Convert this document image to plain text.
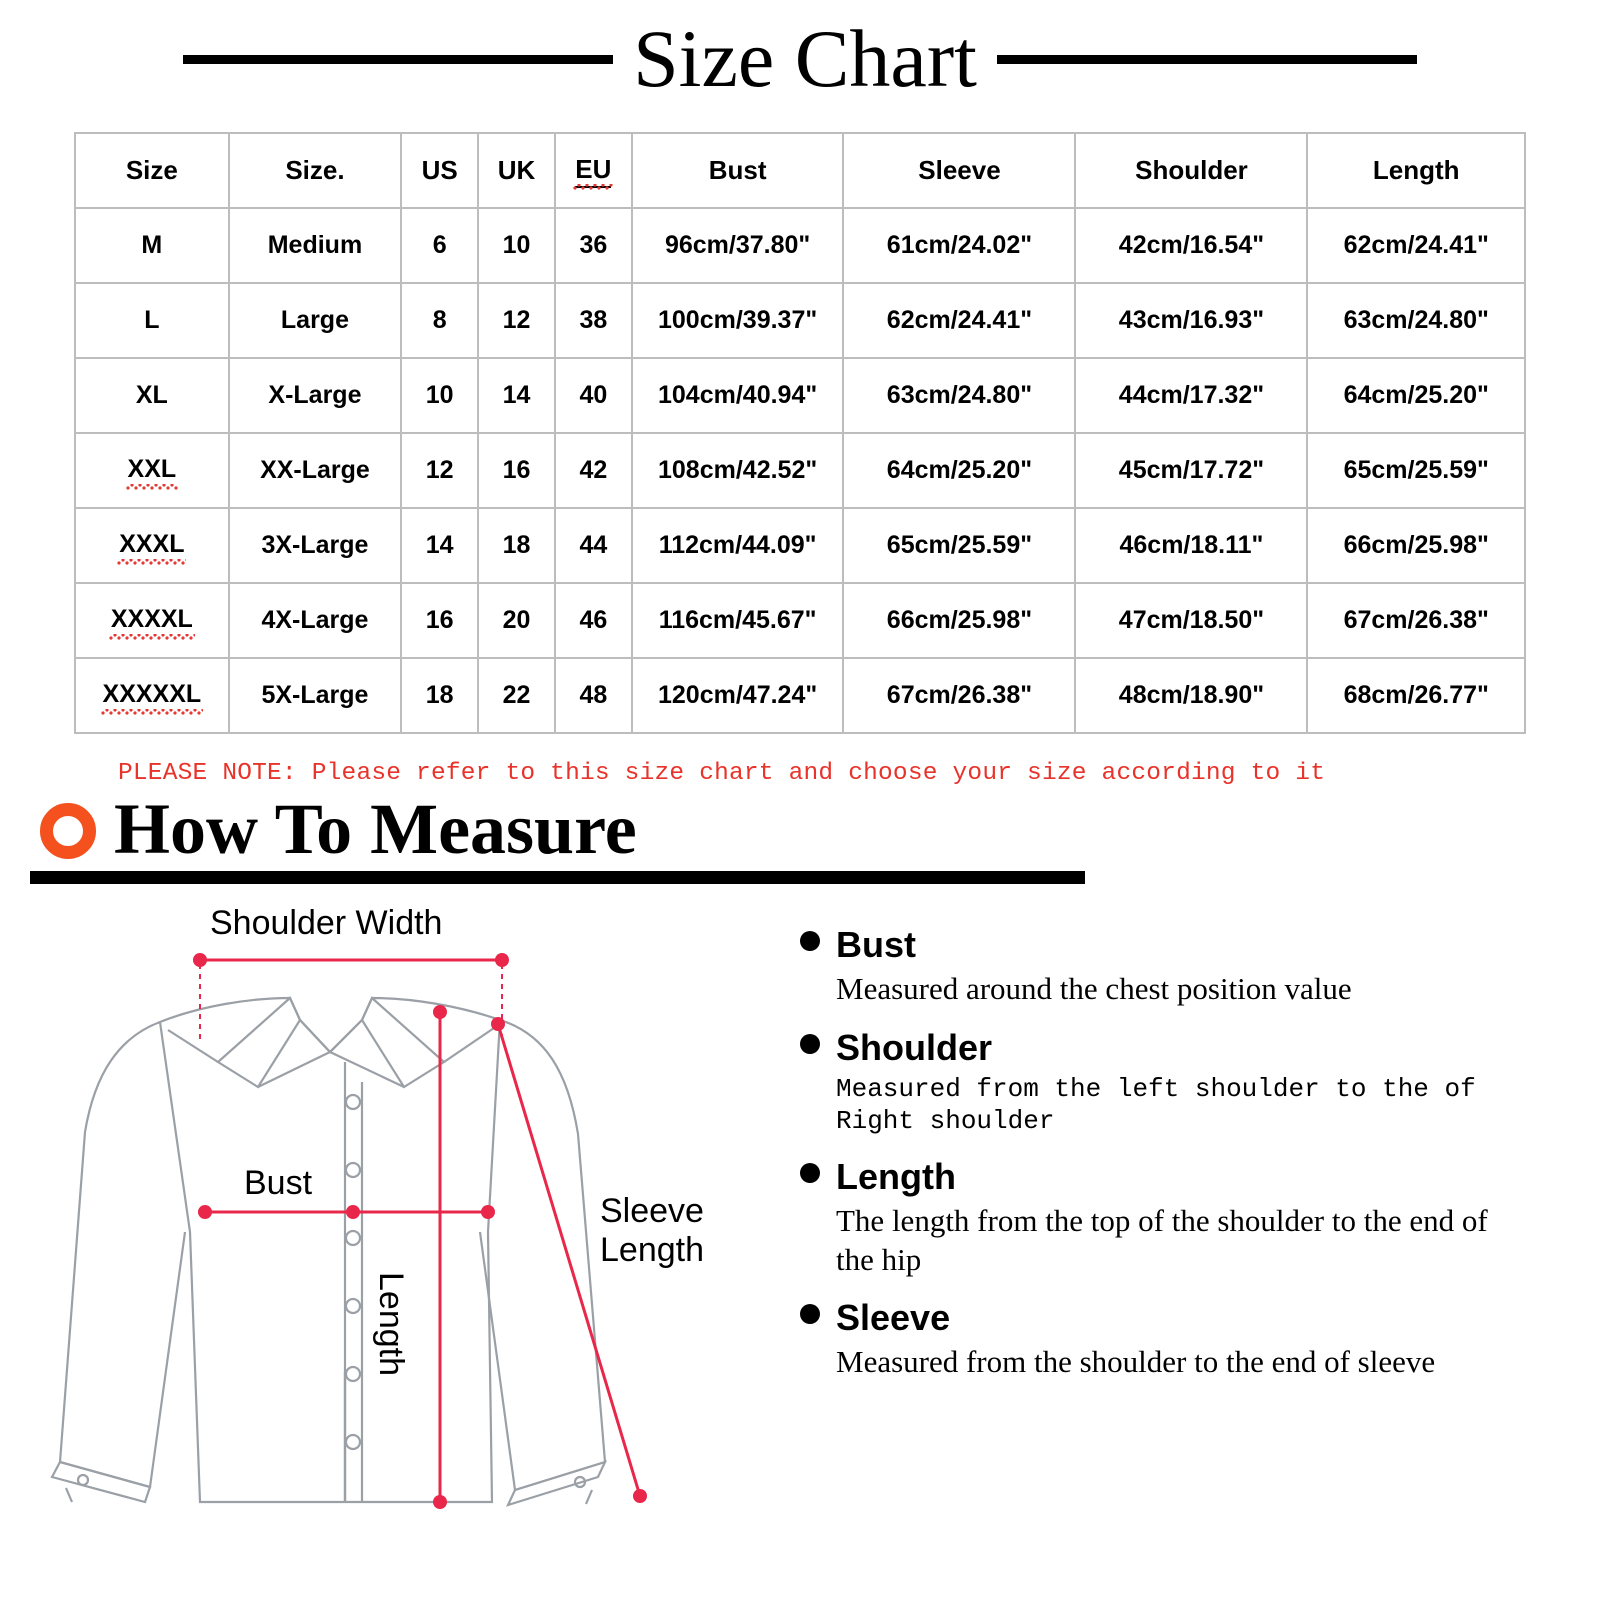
Size Chart
Size	Size.	US	UK	EU	Bust	Sleeve	Shoulder	Length
M	Medium	6	10	36	96cm/37.80"	61cm/24.02"	42cm/16.54"	62cm/24.41"
L	Large	8	12	38	100cm/39.37"	62cm/24.41"	43cm/16.93"	63cm/24.80"
XL	X-Large	10	14	40	104cm/40.94"	63cm/24.80"	44cm/17.32"	64cm/25.20"
XXL	XX-Large	12	16	42	108cm/42.52"	64cm/25.20"	45cm/17.72"	65cm/25.59"
XXXL	3X-Large	14	18	44	112cm/44.09"	65cm/25.59"	46cm/18.11"	66cm/25.98"
XXXXL	4X-Large	16	20	46	116cm/45.67"	66cm/25.98"	47cm/18.50"	67cm/26.38"
XXXXXL	5X-Large	18	22	48	120cm/47.24"	67cm/26.38"	48cm/18.90"	68cm/26.77"
PLEASE NOTE: Please refer to this size chart and choose your size according to it
How To Measure
Shoulder Width
Bust
Length
Sleeve
Length
Bust
Measured around the chest position value
Shoulder
Measured from the left shoulder to the of Right shoulder
Length
The length from the top of the shoulder to the end of the hip
Sleeve
Measured from the shoulder to the end of sleeve
